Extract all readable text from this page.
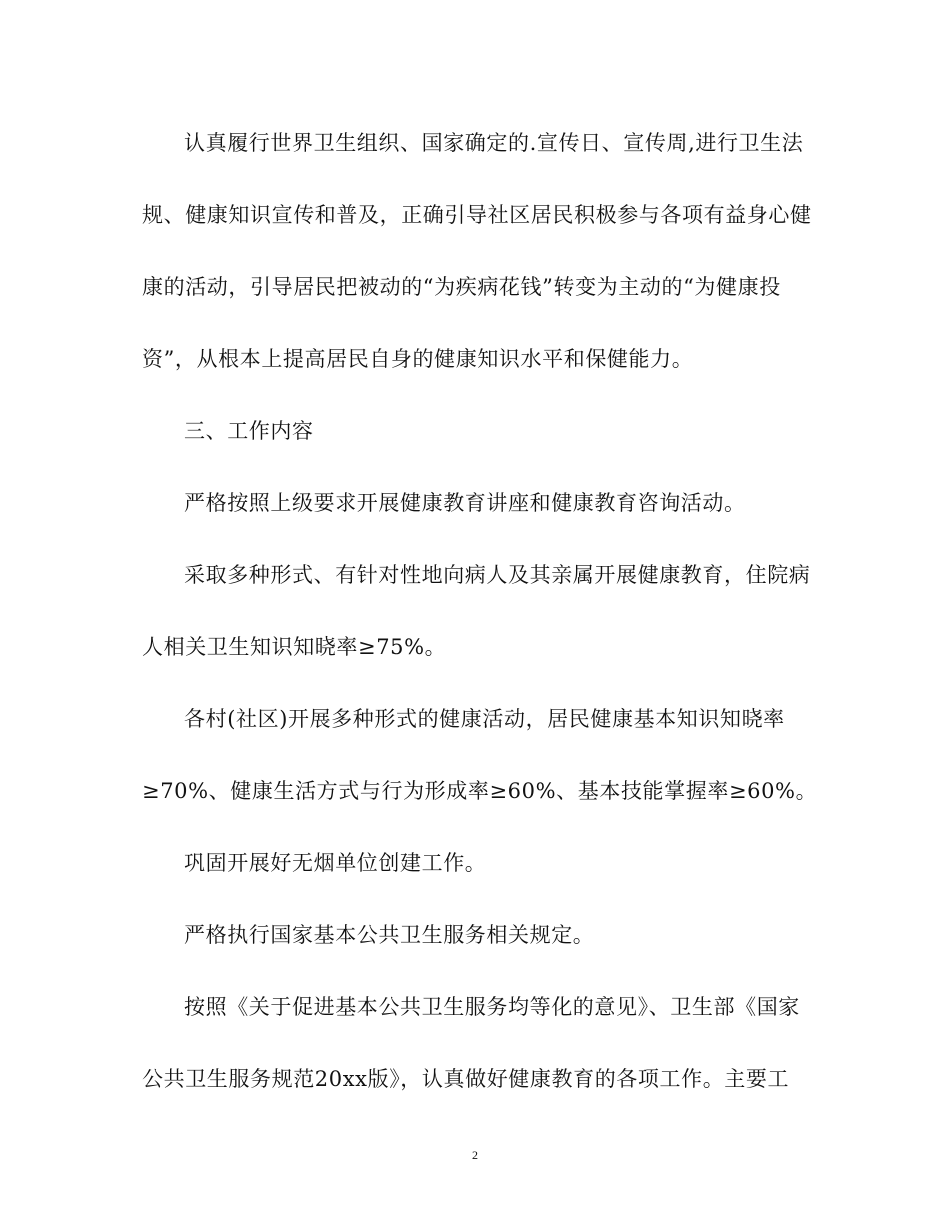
认真履行世界卫生组织、国家确定的.宣传日、宣传周,进行卫生法
规、健康知识宣传和普及，正确引导社区居民积极参与各项有益身心健
康的活动，引导居民把被动的“为疾病花钱”转变为主动的“为健康投
资”，从根本上提高居民自身的健康知识水平和保健能力。
三、工作内容
严格按照上级要求开展健康教育讲座和健康教育咨询活动。
采取多种形式、有针对性地向病人及其亲属开展健康教育，住院病
人相关卫生知识知晓率≥75%。
各村(社区)开展多种形式的健康活动，居民健康基本知识知晓率
≥70%、健康生活方式与行为形成率≥60%、基本技能掌握率≥60%。
巩固开展好无烟单位创建工作。
严格执行国家基本公共卫生服务相关规定。
按照《关于促进基本公共卫生服务均等化的意见》、卫生部《国家
公共卫生服务规范20xx版》，认真做好健康教育的各项工作。主要工
2
